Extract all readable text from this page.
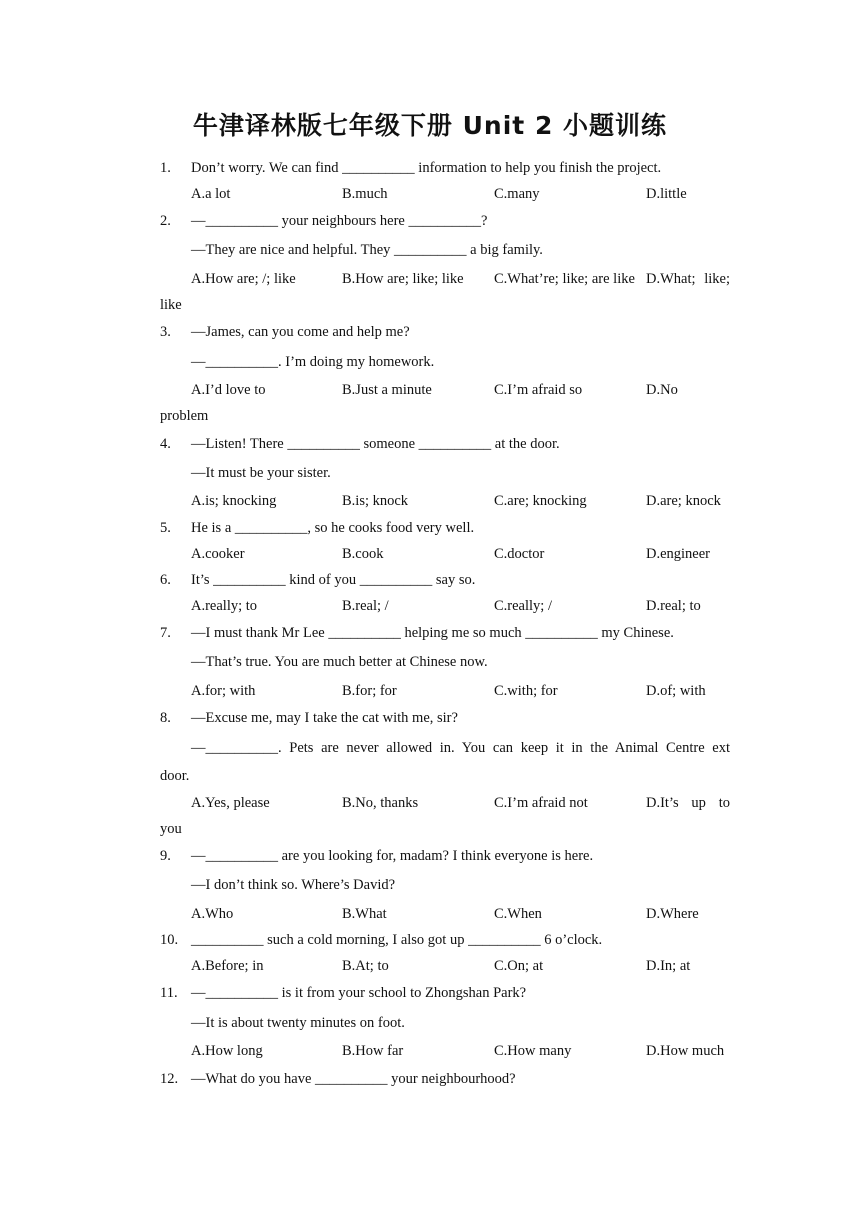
牛津译林版七年级下册 Unit 2 小题训练
1.	Don’t worry. We can find __________ information to help you finish the project.
A.a lot	B.much	C.many	D.little
2.	—__________ your neighbours here __________?
—They are nice and helpful. They __________ a big family.
A.How are; /; like	B.How are; like; like C.What’re; like; are like D.What; like;
like
3.	—James, can you come and help me?
—__________. I’m doing my homework.
A.I’d love to	B.Just a minute	C.I’m afraid so	D.No
problem
4.	—Listen! There __________ someone __________ at the door.
—It must be your sister.
A.is; knocking	B.is; knock	C.are; knocking	D.are; knock
5.	He is a __________, so he cooks food very well.
A.cooker	B.cook	C.doctor	D.engineer
6.	It’s __________ kind of you __________ say so.
A.really; to	B.real; /	C.really; /	D.real; to
7.	—I must thank Mr Lee __________ helping me so much __________ my Chinese.
—That’s true. You are much better at Chinese now.
A.for; with	B.for; for	C.with; for	D.of; with
8.	—Excuse me, may I take the cat with me, sir?
—__________. Pets are never allowed in. You can keep it in the Animal Centre ext
door.
A.Yes, please	B.No, thanks	C.I’m afraid not	D.It’s up to
you
9.	—__________ are you looking for, madam? I think everyone is here.
—I don’t think so. Where’s David?
A.Who	B.What	C.When	D.Where
10. __________ such a cold morning, I also got up __________ 6 o’clock.
A.Before; in	B.At; to	C.On; at	D.In; at
11. —__________ is it from your school to Zhongshan Park?
—It is about twenty minutes on foot.
A.How long	B.How far	C.How many	D.How much
12. —What do you have __________ your neighbourhood?
